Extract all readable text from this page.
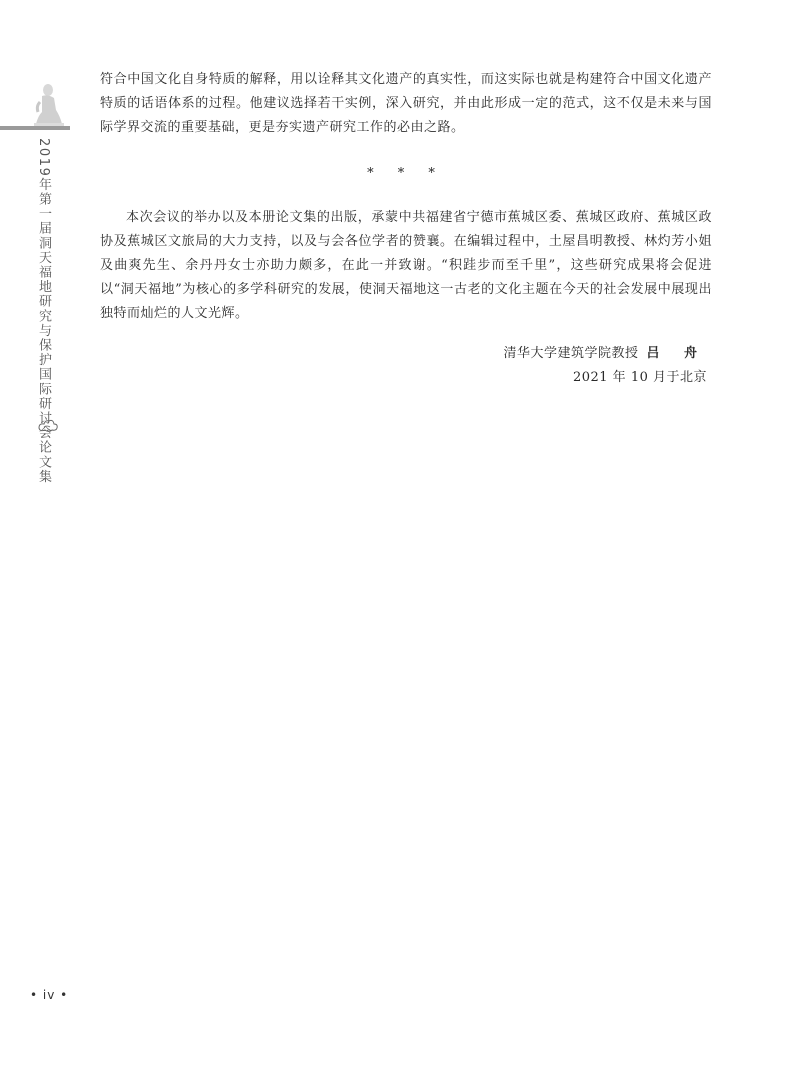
2019年第一届洞天福地研究与保护国际研讨会论文集

符合中国文化自身特质的解释，用以诠释其文化遗产的真实性，而这实际也就是构建符合中国文化遗产特质的话语体系的过程。他建议选择若干实例，深入研究，并由此形成一定的范式，这不仅是未来与国际学界交流的重要基础，更是夯实遗产研究工作的必由之路。

* * *

本次会议的举办以及本册论文集的出版，承蒙中共福建省宁德市蕉城区委、蕉城区政府、蕉城区政协及蕉城区文旅局的大力支持，以及与会各位学者的赞襄。在编辑过程中，土屋昌明教授、林灼芳小姐及曲爽先生、余丹丹女士亦助力颇多，在此一并致谢。“积跬步而至千里”，这些研究成果将会促进以“洞天福地”为核心的多学科研究的发展，使洞天福地这一古老的文化主题在今天的社会发展中展现出独特而灿烂的人文光辉。

清华大学建筑学院教授 吕 舟
2021 年 10 月于北京
• iv •
